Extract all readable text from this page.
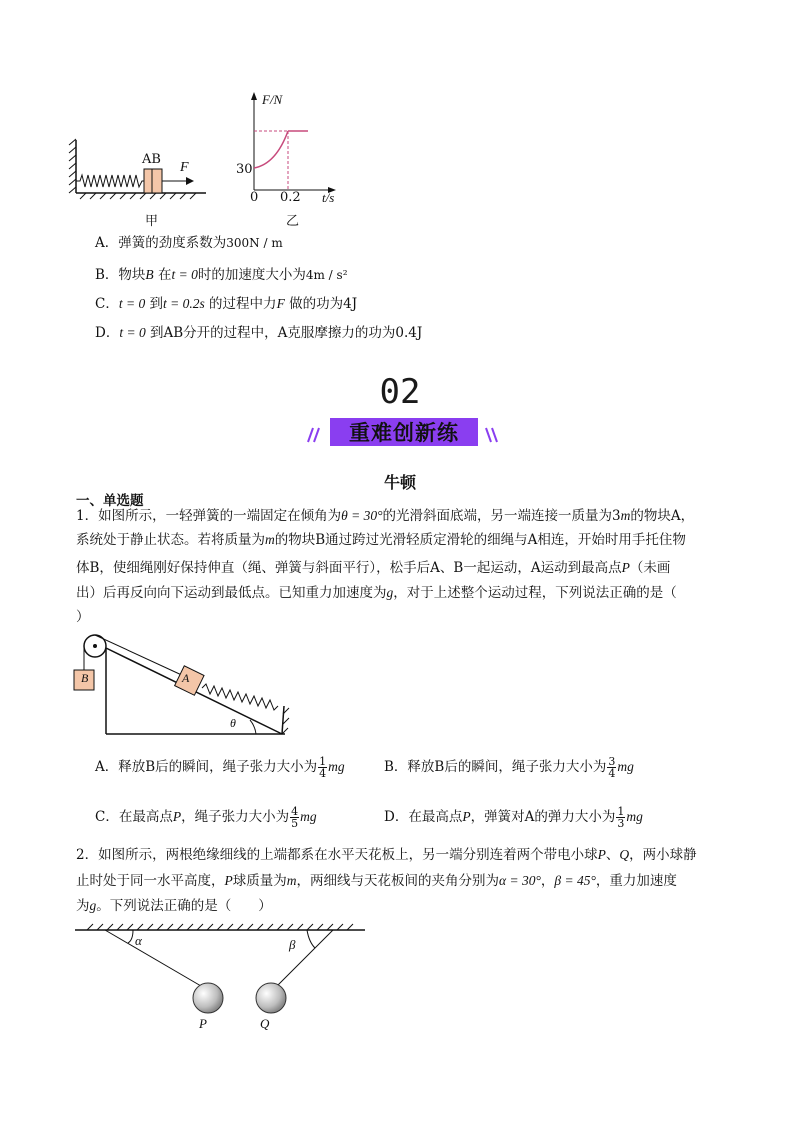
AB
F
甲
F/N
t/s
30
0 0.2
乙
A．弹簧的劲度系数为300N / m
B．物块B 在t = 0时的加速度大小为4m / s²
C．t = 0 到t = 0.2s 的过程中力F 做的功为4J
D．t = 0 到AB分开的过程中，A克服摩擦力的功为0.4J
02
重难创新练
牛顿
一、单选题
1．如图所示，一轻弹簧的一端固定在倾角为θ = 30°的光滑斜面底端，另一端连接一质量为3m的物块A，
系统处于静止状态。若将质量为m的物块B通过跨过光滑轻质定滑轮的细绳与A相连，开始时用手托住物
体B，使细绳刚好保持伸直（绳、弹簧与斜面平行），松手后A、B一起运动，A运动到最高点P（未画
出）后再反向向下运动到最低点。已知重力加速度为g，对于上述整个运动过程，下列说法正确的是（
）
B	A
θ
A．释放B后的瞬间，绳子张力大小为 $\frac{1}{4}$ mg	B．释放B后的瞬间，绳子张力大小为 $\frac{3}{4}$ mg
C．在最高点P，绳子张力大小为 $\frac{4}{5}$ mg	D．在最高点P，弹簧对A的弹力大小为 $\frac{1}{3}$ mg
2．如图所示，两根绝缘细线的上端都系在水平天花板上，另一端分别连着两个带电小球P、Q，两小球静
止时处于同一水平高度，P球质量为m，两细线与天花板间的夹角分别为α = 30°，β = 45°，重力加速度
为g。下列说法正确的是（　　）
α	β
P	Q
